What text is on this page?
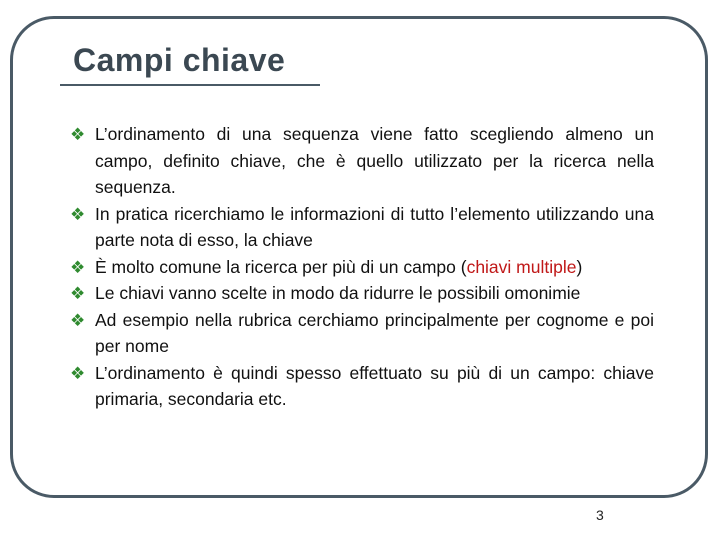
Campi chiave
❖ L’ordinamento di una sequenza viene fatto scegliendo almeno un campo, definito chiave, che è quello utilizzato per la ricerca nella sequenza.
❖ In pratica ricerchiamo le informazioni di tutto l’elemento utilizzando una parte nota di esso, la chiave
❖ È molto comune la ricerca per più di un campo (chiavi multiple)
❖ Le chiavi vanno scelte in modo da ridurre le possibili omonimie
❖ Ad esempio nella rubrica cerchiamo principalmente per cognome e poi per nome
❖ L’ordinamento è quindi spesso effettuato su più di un campo: chiave primaria, secondaria etc.
3
